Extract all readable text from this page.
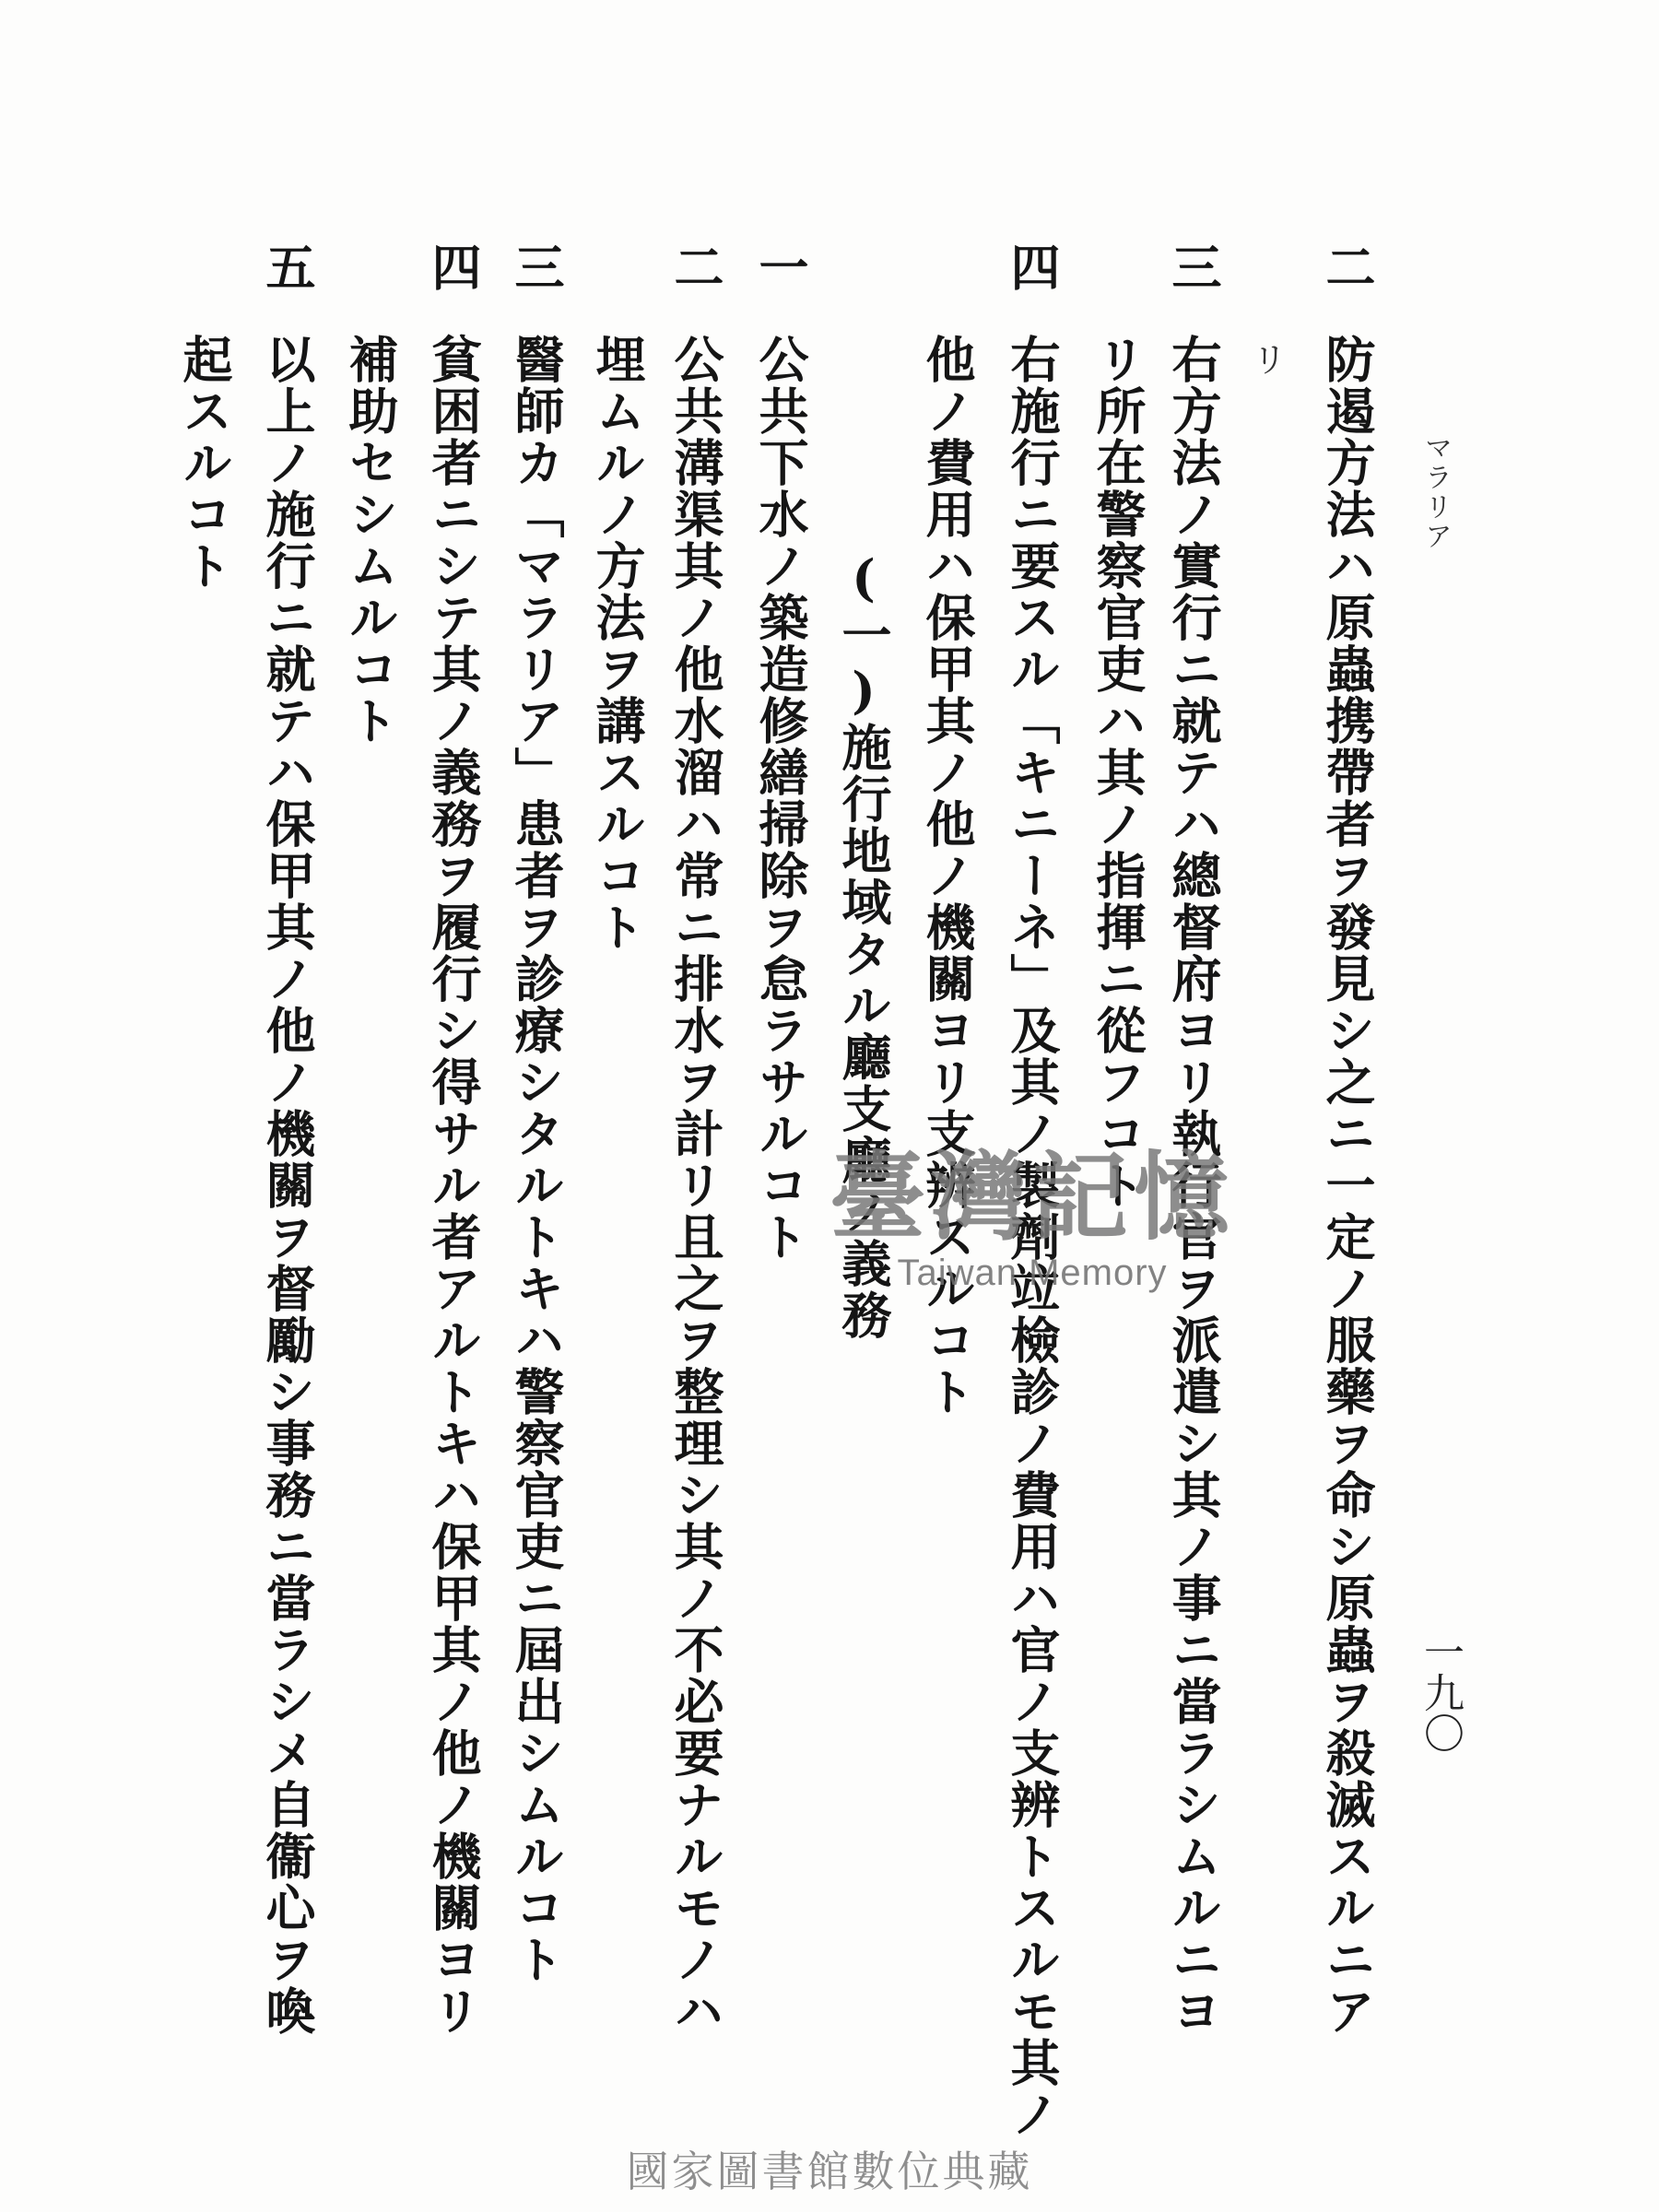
マラリア
一九〇
二
防遏方法ハ原蟲携帶者ヲ發見シ之ニ一定ノ服藥ヲ命シ原蟲ヲ殺滅スルニア
リ
三
右方法ノ實行ニ就テハ總督府ヨリ執行官ヲ派遣シ其ノ事ニ當ラシムルニヨ
リ所在警察官吏ハ其ノ指揮ニ從フコト
四
右施行ニ要スル「キニーネ」及其ノ製劑竝檢診ノ費用ハ官ノ支辨トスルモ其ノ
他ノ費用ハ保甲其ノ他ノ機關ヨリ支辨スルコト
(一)施行地域タル廳支廳ノ義務
一
公共下水ノ築造修繕掃除ヲ怠ラサルコト
二
公共溝渠其ノ他水溜ハ常ニ排水ヲ計リ且之ヲ整理シ其ノ不必要ナルモノハ
埋ムルノ方法ヲ講スルコト
三
醫師カ「マラリア」患者ヲ診療シタルトキハ警察官吏ニ屆出シムルコト
貧困者ニシテ其ノ義務ヲ履行シ得サル者アルトキハ保甲其ノ他ノ機關ヨリ
四
補助セシムルコト
五
以上ノ施行ニ就テハ保甲其ノ他ノ機關ヲ督勵シ事務ニ當ラシメ自衞心ヲ喚
起スルコト
臺灣記憶
Taiwan Memory
國家圖書館數位典藏
